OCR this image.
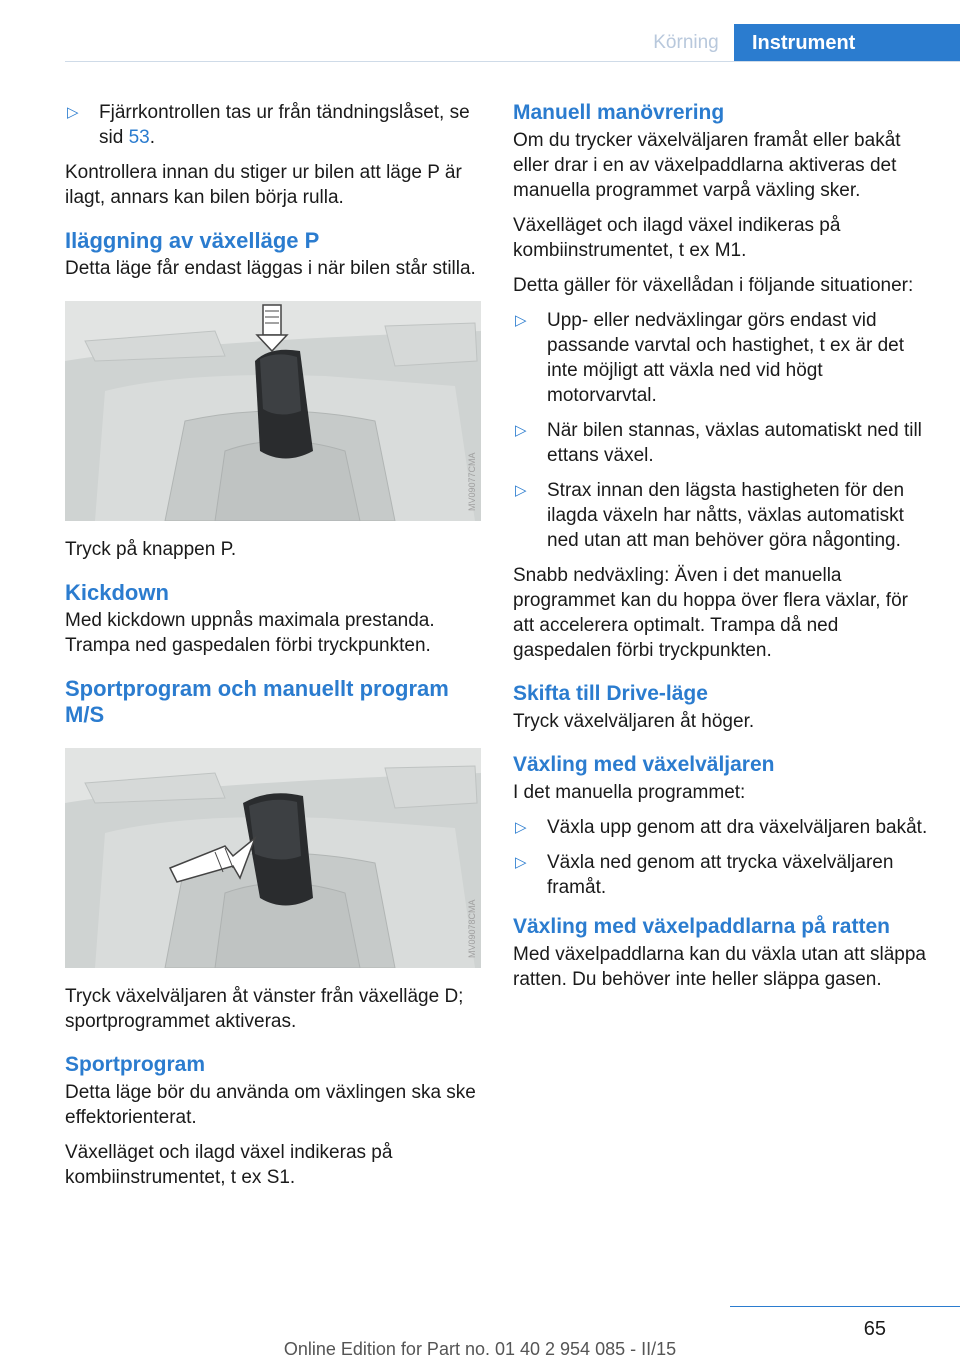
Körning	Instrument
▷ Fjärrkontrollen tas ur från tändningslåset, se sid 53.

Kontrollera innan du stiger ur bilen att läge P är ilagt, annars kan bilen börja rulla.

Iläggning av växelläge P

Detta läge får endast läggas i när bilen står stilla.

MV09077CMA

Tryck på knappen P.

Kickdown

Med kickdown uppnås maximala prestanda. Trampa ned gaspedalen förbi tryckpunkten.

Sportprogram och manuellt program M/S
MV09078CMA

Tryck växelväljaren åt vänster från växelläge D; sportprogrammet aktiveras.

Sportprogram

Detta läge bör du använda om växlingen ska ske effektorienterat.

Växelläget och ilagd växel indikeras på kombiinstrumentet, t ex S1.

Manuell manövrering

Om du trycker växelväljaren framåt eller bakåt eller drar i en av växelpaddlarna aktiveras det manuella programmet varpå växling sker.

Växelläget och ilagd växel indikeras på kombiinstrumentet, t ex M1.

Detta gäller för växellådan i följande situationer:

▷ Upp- eller nedväxlingar görs endast vid passande varvtal och hastighet, t ex är det inte möjligt att växla ned vid högt motorvarvtal.
▷ När bilen stannas, växlas automatiskt ned till ettans växel.
▷ Strax innan den lägsta hastigheten för den ilagda växeln har nåtts, växlas automatiskt ned utan att man behöver göra någonting.

Snabb nedväxling: Även i det manuella programmet kan du hoppa över flera växlar, för att accelerera optimalt. Trampa då ned gaspedalen förbi tryckpunkten.

Skifta till Drive-läge

Tryck växelväljaren åt höger.

Växling med växelväljaren

I det manuella programmet:

▷ Växla upp genom att dra växelväljaren bakåt.
▷ Växla ned genom att trycka växelväljaren framåt.
Växling med växelpaddlarna på ratten

Med växelpaddlarna kan du växla utan att släppa ratten. Du behöver inte heller släppa gasen.

65
Online Edition for Part no. 01 40 2 954 085 - II/15
